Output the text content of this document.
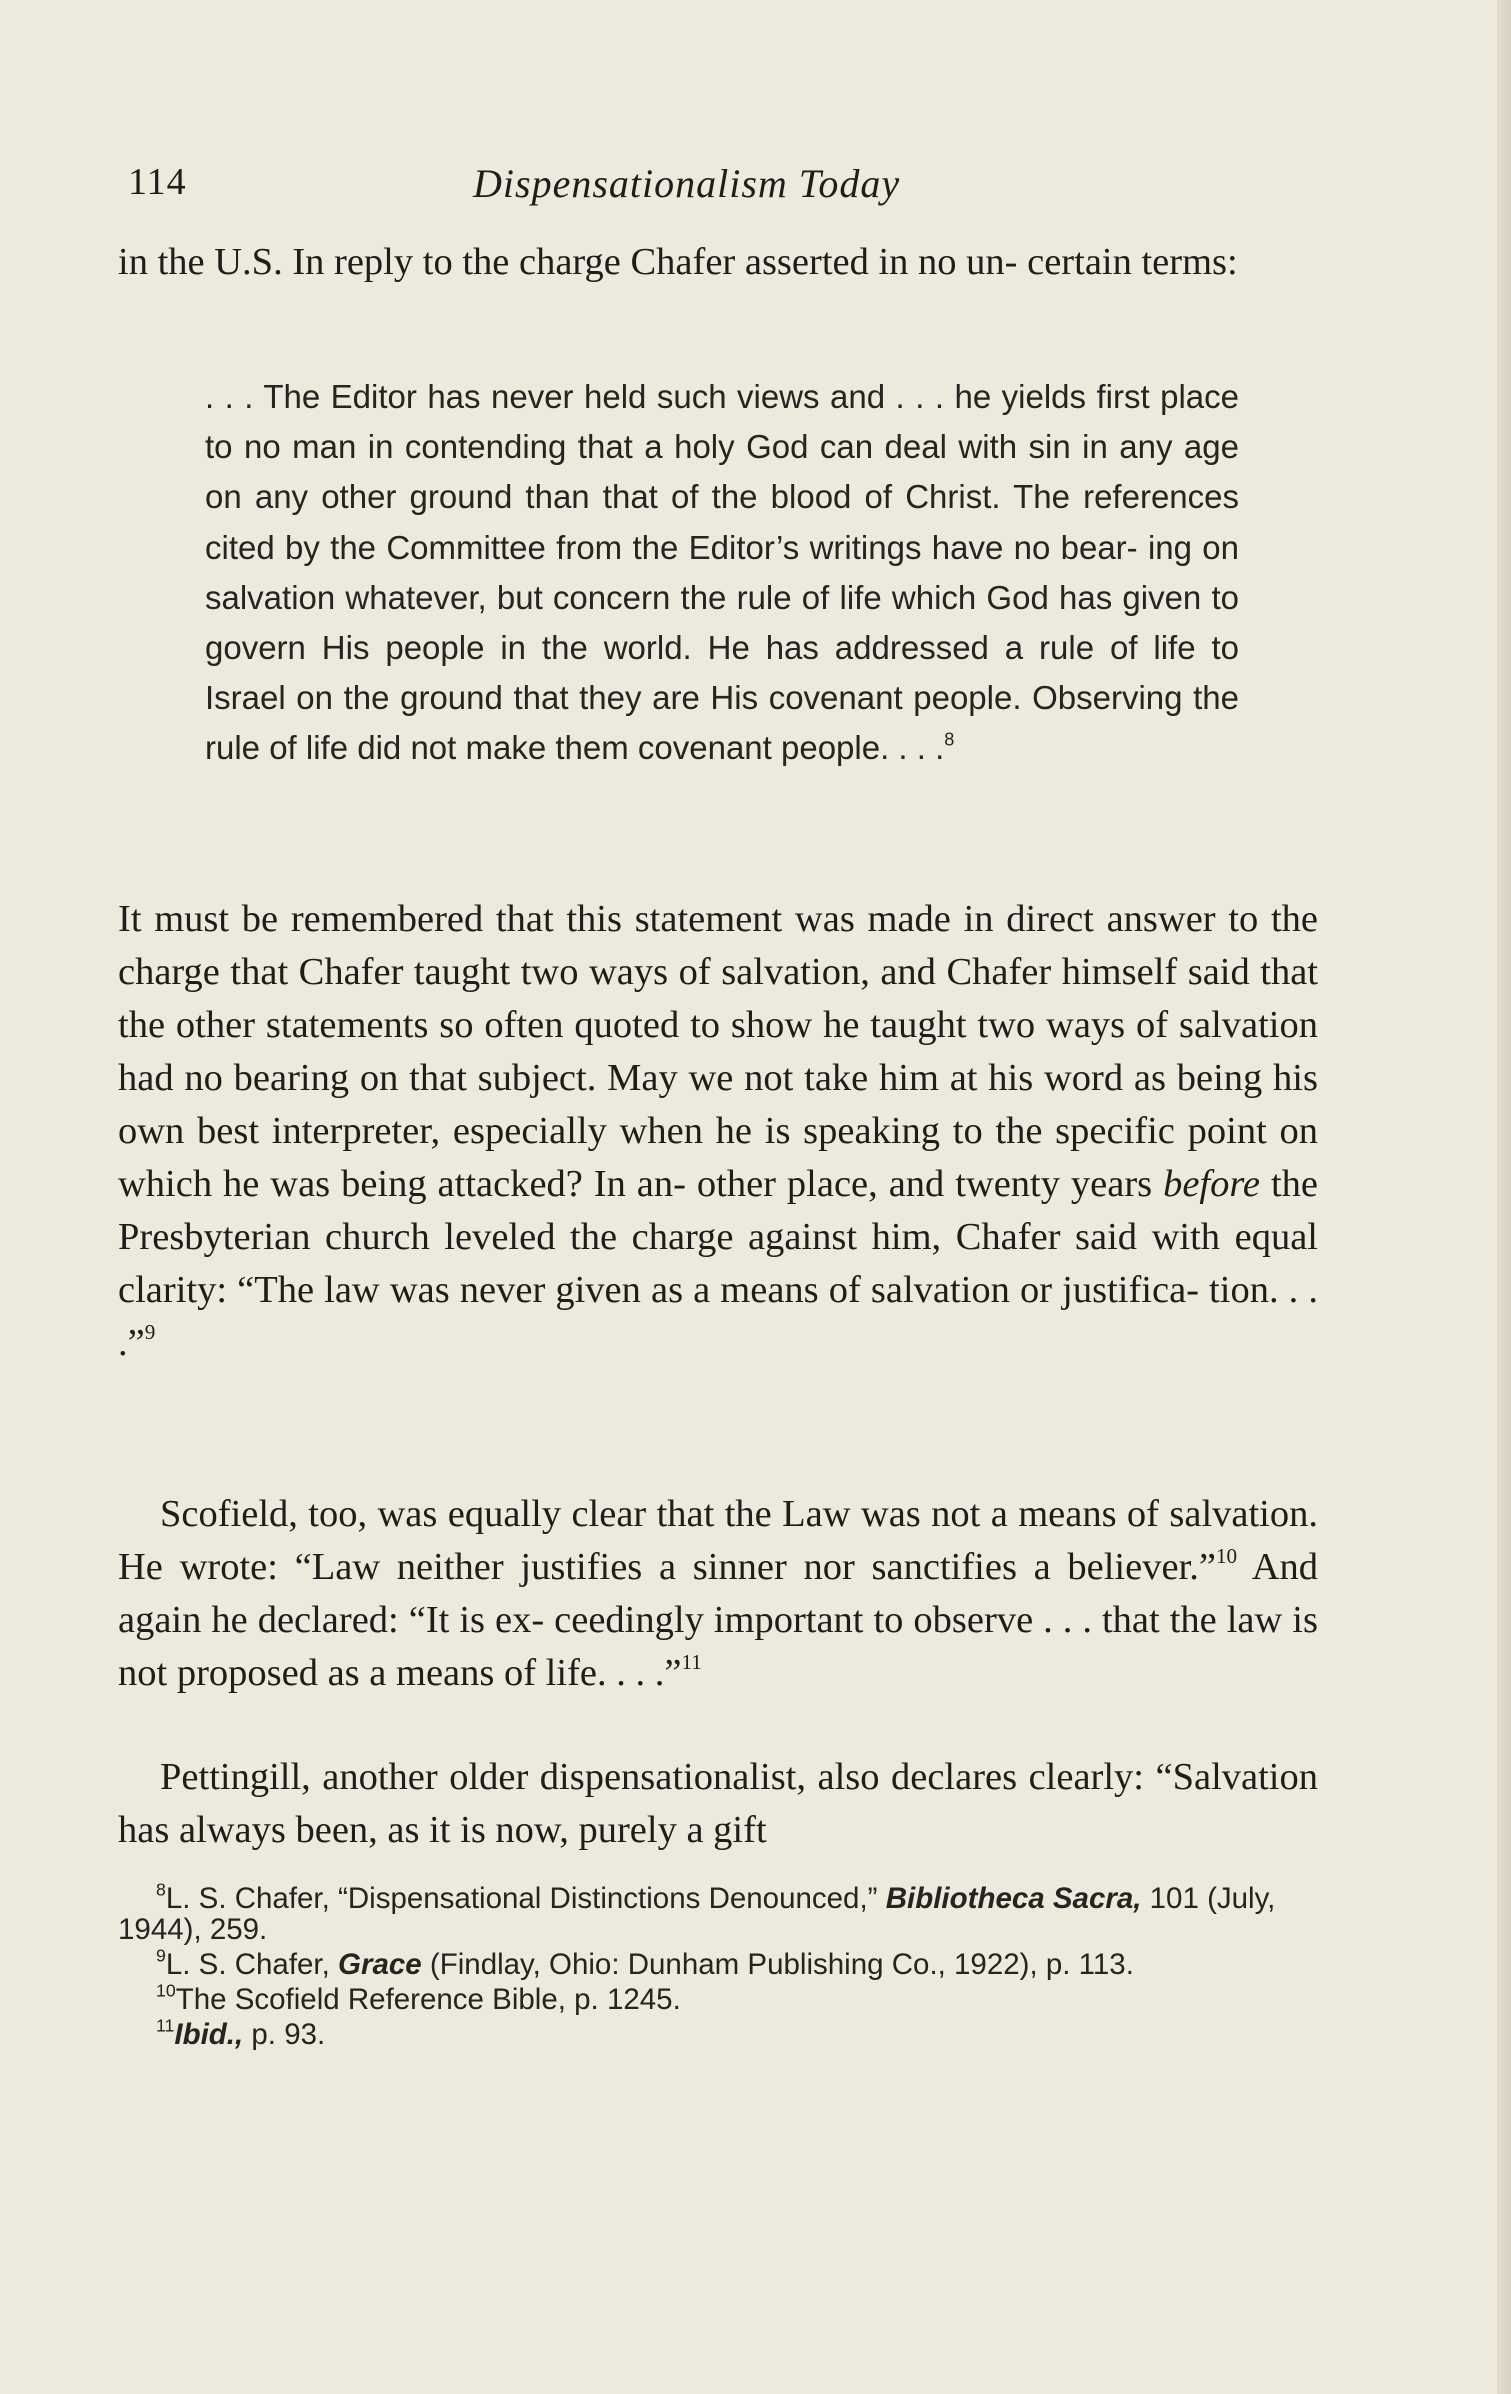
114	Dispensationalism Today
in the U.S. In reply to the charge Chafer asserted in no un- certain terms:
. . . The Editor has never held such views and . . . he yields first place to no man in contending that a holy God can deal with sin in any age on any other ground than that of the blood of Christ. The references cited by the Committee from the Editor’s writings have no bear- ing on salvation whatever, but concern the rule of life which God has given to govern His people in the world. He has addressed a rule of life to Israel on the ground that they are His covenant people. Observing the rule of life did not make them covenant people. . . .$^8$
It must be remembered that this statement was made in direct answer to the charge that Chafer taught two ways of salvation, and Chafer himself said that the other statements so often quoted to show he taught two ways of salvation had no bearing on that subject. May we not take him at his word as being his own best interpreter, especially when he is speaking to the specific point on which he was being attacked? In an- other place, and twenty years before the Presbyterian church leveled the charge against him, Chafer said with equal clarity: “The law was never given as a means of salvation or justifica- tion. . . .”$^9$
Scofield, too, was equally clear that the Law was not a means of salvation. He wrote: “Law neither justifies a sinner nor sanctifies a believer.”$^{10}$ And again he declared: “It is ex- ceedingly important to observe . . . that the law is not proposed as a means of life. . . .”$^{11}$
Pettingill, another older dispensationalist, also declares clearly: “Salvation has always been, as it is now, purely a gift
$^8$L. S. Chafer, “Dispensational Distinctions Denounced,” Bibliotheca Sacra, 101 (July, 1944), 259.
$^9$L. S. Chafer, Grace (Findlay, Ohio: Dunham Publishing Co., 1922), p. 113.
$^{10}$The Scofield Reference Bible, p. 1245.
$^{11}$Ibid., p. 93.
